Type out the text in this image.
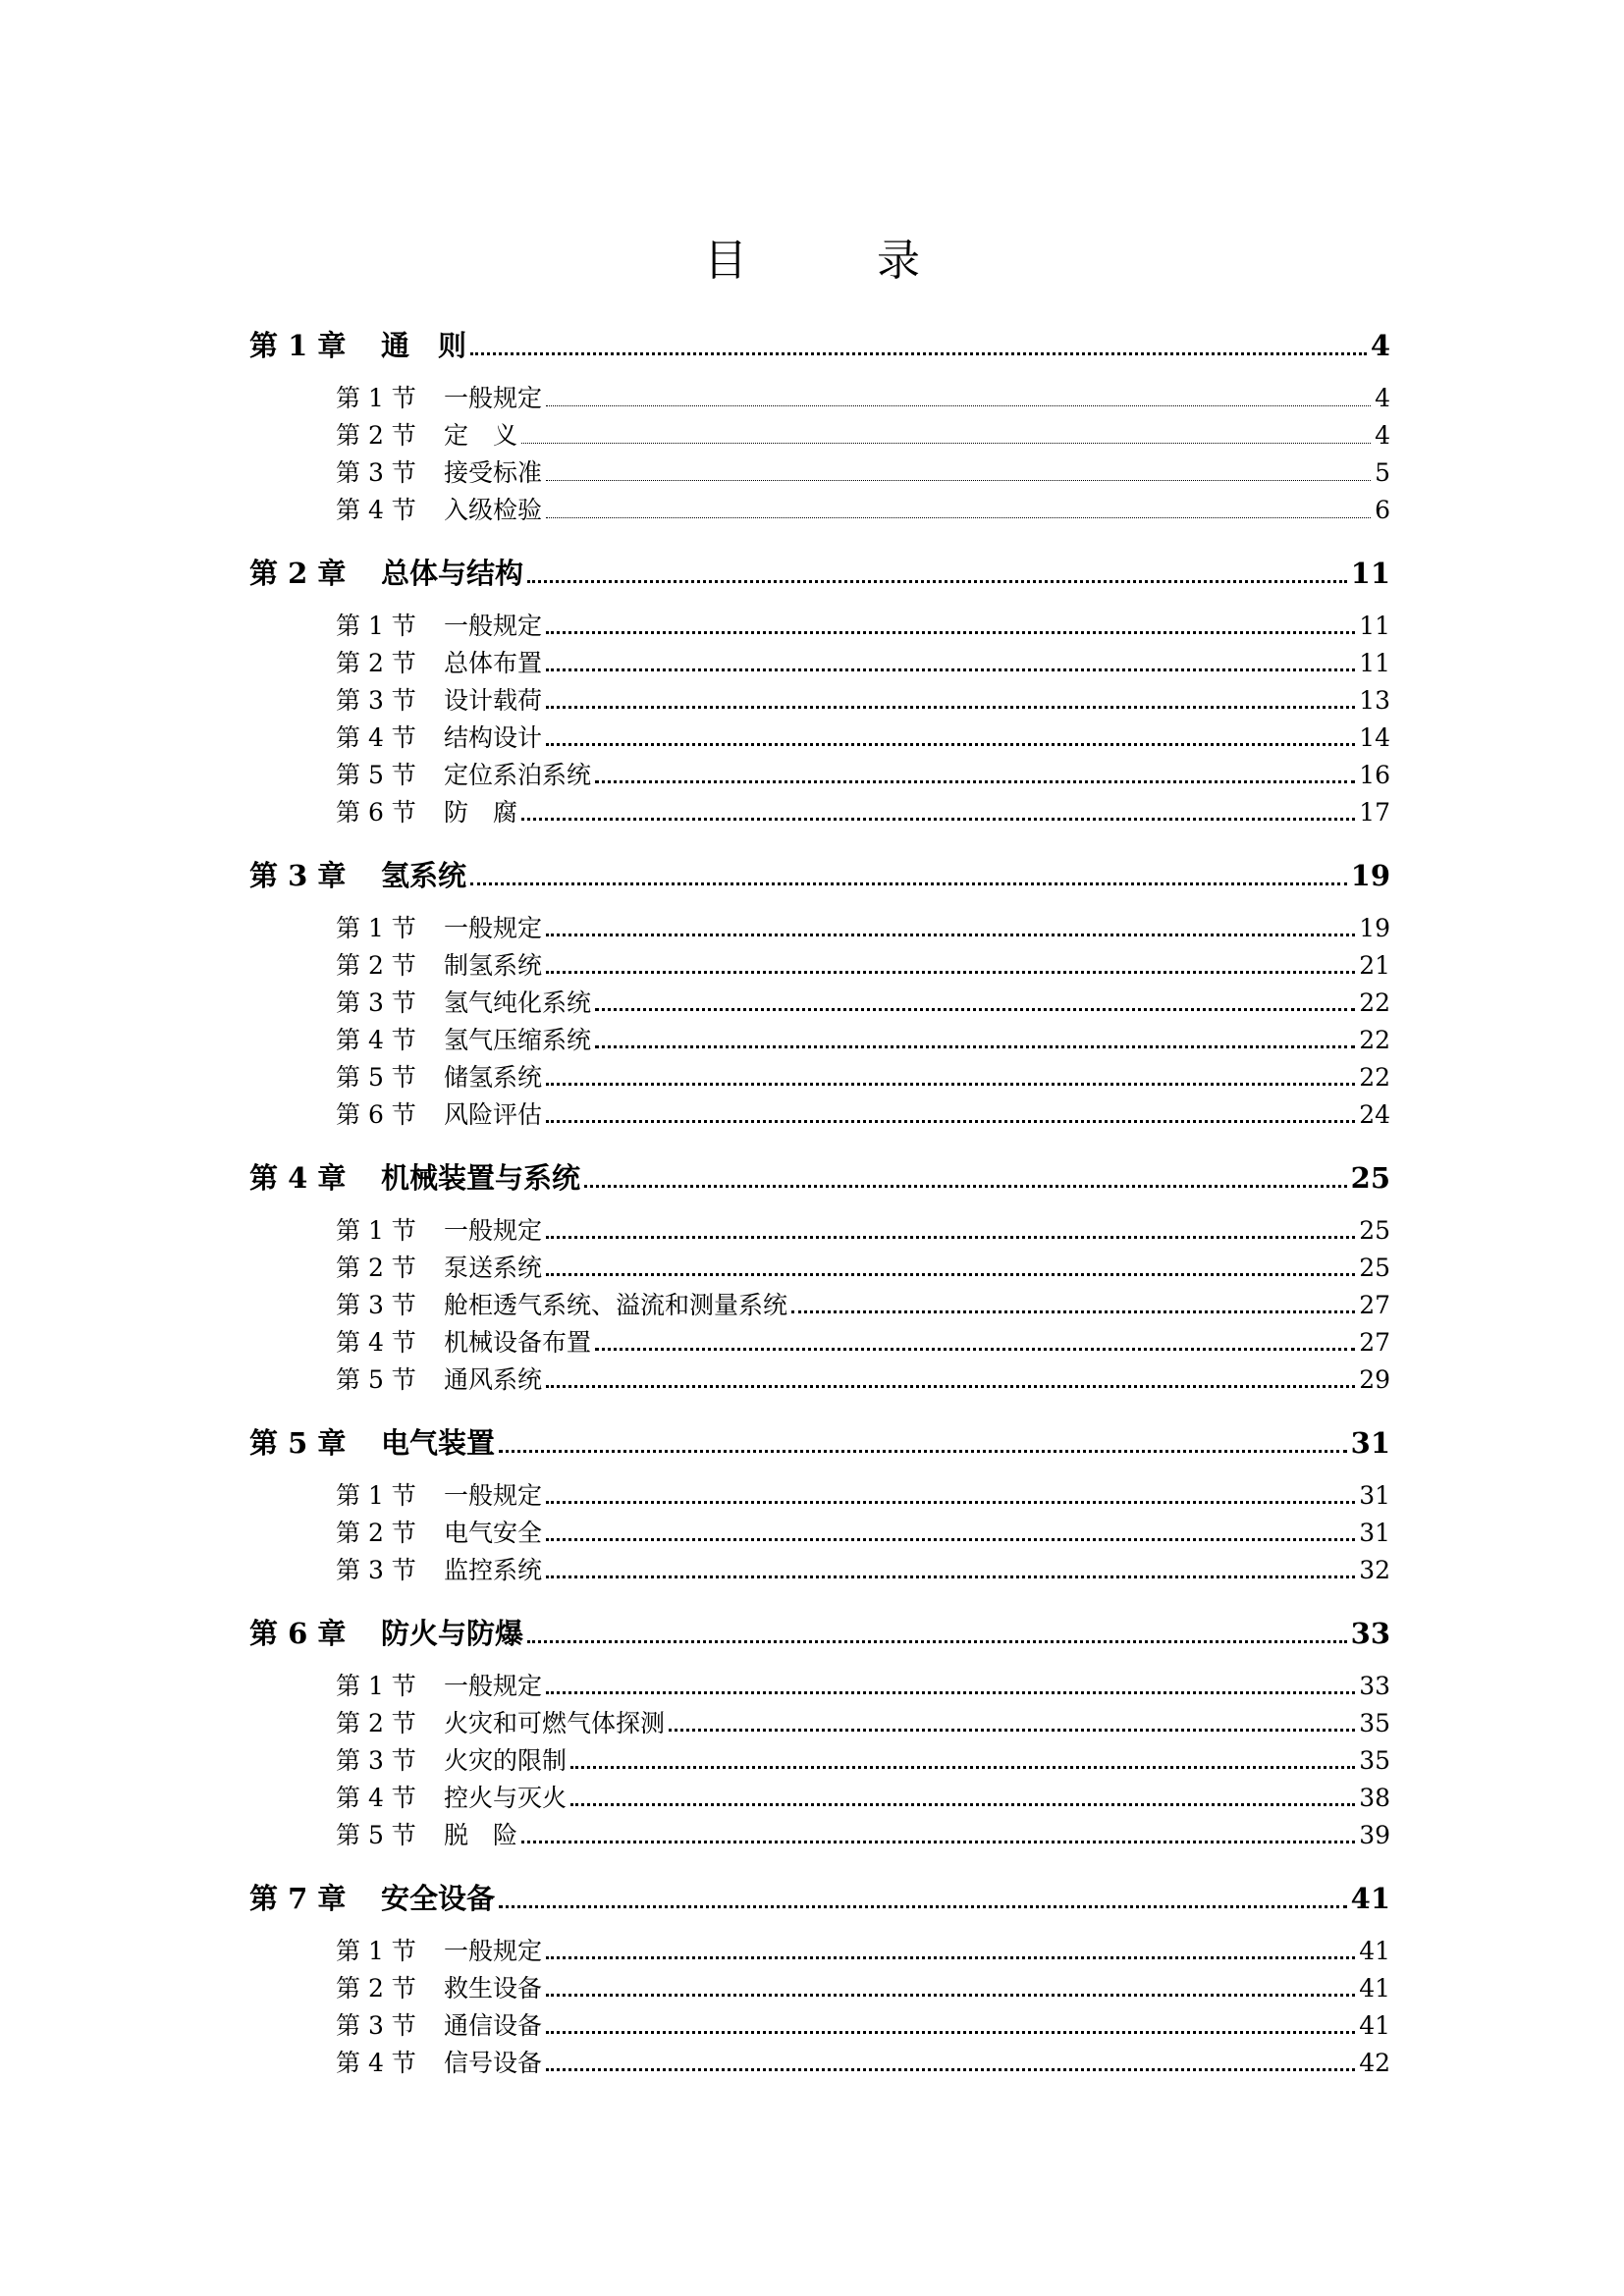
目　录
第 1 章	通　则	4
第 1 节	一般规定	4
第 2 节	定　义	4
第 3 节	接受标准	5
第 4 节	入级检验	6
第 2 章	总体与结构	11
第 1 节	一般规定	11
第 2 节	总体布置	11
第 3 节	设计载荷	13
第 4 节	结构设计	14
第 5 节	定位系泊系统	16
第 6 节	防　腐	17
第 3 章	氢系统	19
第 1 节	一般规定	19
第 2 节	制氢系统	21
第 3 节	氢气纯化系统	22
第 4 节	氢气压缩系统	22
第 5 节	储氢系统	22
第 6 节	风险评估	24
第 4 章	机械装置与系统	25
第 1 节	一般规定	25
第 2 节	泵送系统	25
第 3 节	舱柜透气系统、溢流和测量系统	27
第 4 节	机械设备布置	27
第 5 节	通风系统	29
第 5 章	电气装置	31
第 1 节	一般规定	31
第 2 节	电气安全	31
第 3 节	监控系统	32
第 6 章	防火与防爆	33
第 1 节	一般规定	33
第 2 节	火灾和可燃气体探测	35
第 3 节	火灾的限制	35
第 4 节	控火与灭火	38
第 5 节	脱　险	39
第 7 章	安全设备	41
第 1 节	一般规定	41
第 2 节	救生设备	41
第 3 节	通信设备	41
第 4 节	信号设备	42
